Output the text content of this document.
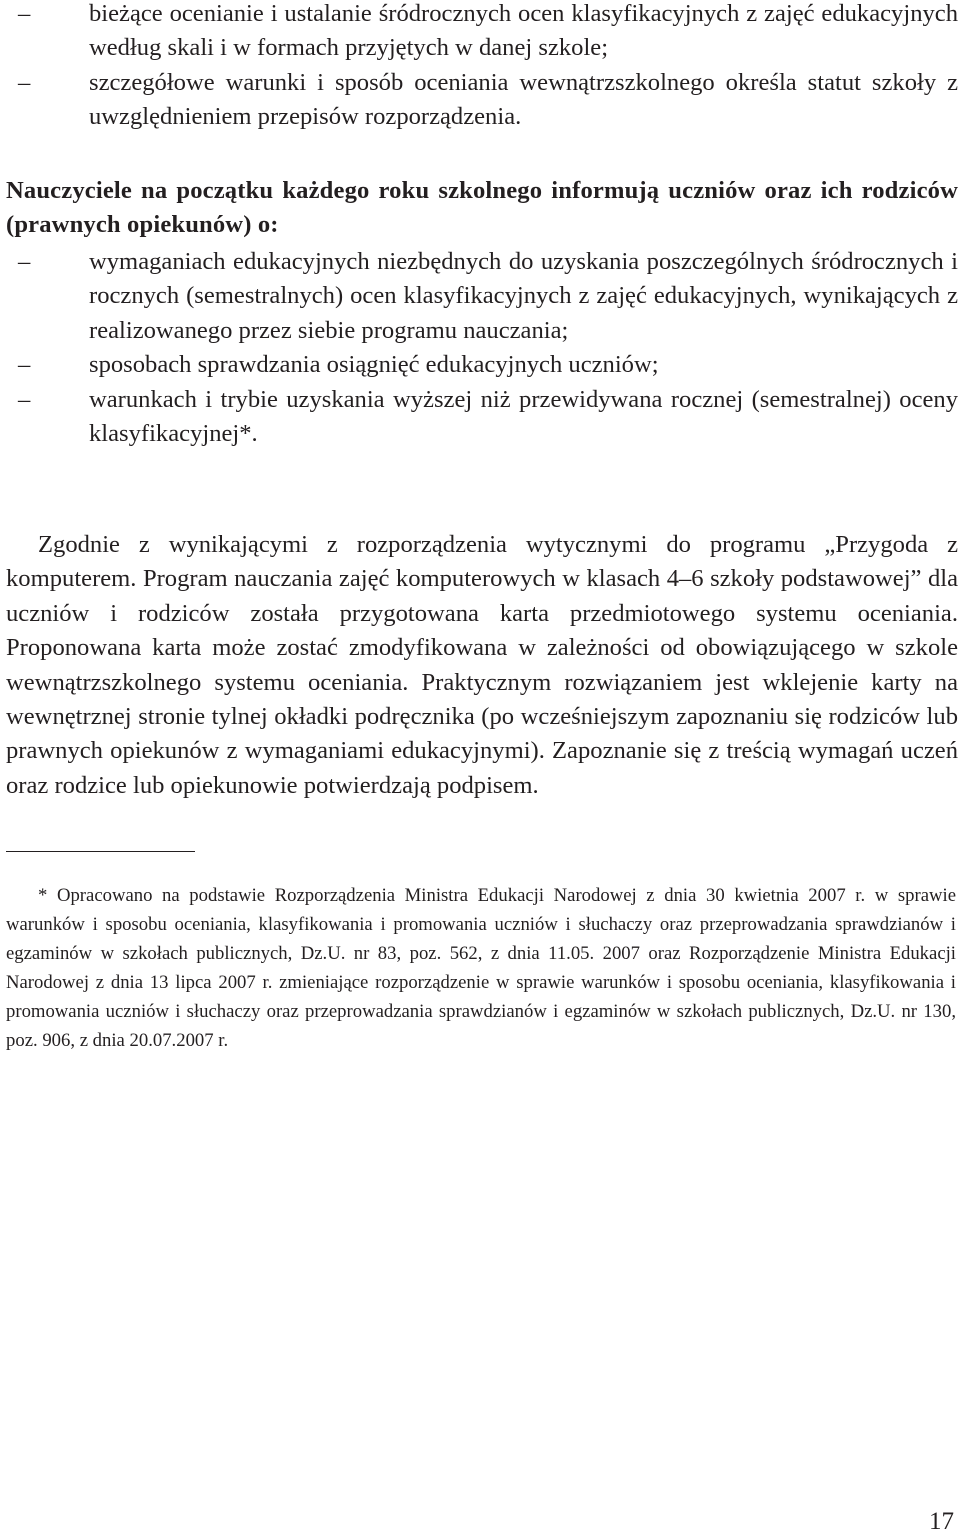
–	bieżące ocenianie i ustalanie śródrocznych ocen klasyfikacyjnych z zajęć edukacyjnych według skali i w formach przyjętych w danej szkole;
–	szczegółowe warunki i sposób oceniania wewnątrzszkolnego określa statut szkoły z uwzględnieniem przepisów rozporządzenia.

Nauczyciele na początku każdego roku szkolnego informują uczniów oraz ich rodziców (prawnych opiekunów) o:

–	wymaganiach edukacyjnych niezbędnych do uzyskania poszczególnych śródrocznych i rocznych (semestralnych) ocen klasyfikacyjnych z zajęć edukacyjnych, wynikających z realizowanego przez siebie programu nauczania;
–	sposobach sprawdzania osiągnięć edukacyjnych uczniów;
–	warunkach i trybie uzyskania wyższej niż przewidywana rocznej (semestralnej) oceny klasyfikacyjnej*.

Zgodnie z wynikającymi z rozporządzenia wytycznymi do programu „Przygoda z komputerem. Program nauczania zajęć komputerowych w klasach 4–6 szkoły podstawowej” dla uczniów i rodziców została przygotowana karta przedmiotowego systemu oceniania. Proponowana karta może zostać zmodyfikowana w zależności od obowiązującego w szkole wewnątrzszkolnego systemu oceniania. Praktycznym rozwiązaniem jest wklejenie karty na wewnętrznej stronie tylnej okładki podręcznika (po wcześniejszym zapoznaniu się rodziców lub prawnych opiekunów z wymaganiami edukacyjnymi). Zapoznanie się z treścią wymagań uczeń oraz rodzice lub opiekunowie potwierdzają podpisem.

* Opracowano na podstawie Rozporządzenia Ministra Edukacji Narodowej z dnia 30 kwietnia 2007 r. w sprawie warunków i sposobu oceniania, klasyfikowania i promowania uczniów i słuchaczy oraz przeprowadzania sprawdzianów i egzaminów w szkołach publicznych, Dz.U. nr 83, poz. 562, z dnia 11.05. 2007 oraz Rozporządzenie Ministra Edukacji Narodowej z dnia 13 lipca 2007 r. zmieniające rozporządzenie w sprawie warunków i sposobu oceniania, klasyfikowania i promowania uczniów i słuchaczy oraz przeprowadzania sprawdzianów i egzaminów w szkołach publicznych, Dz.U. nr 130, poz. 906, z dnia 20.07.2007 r.

17
